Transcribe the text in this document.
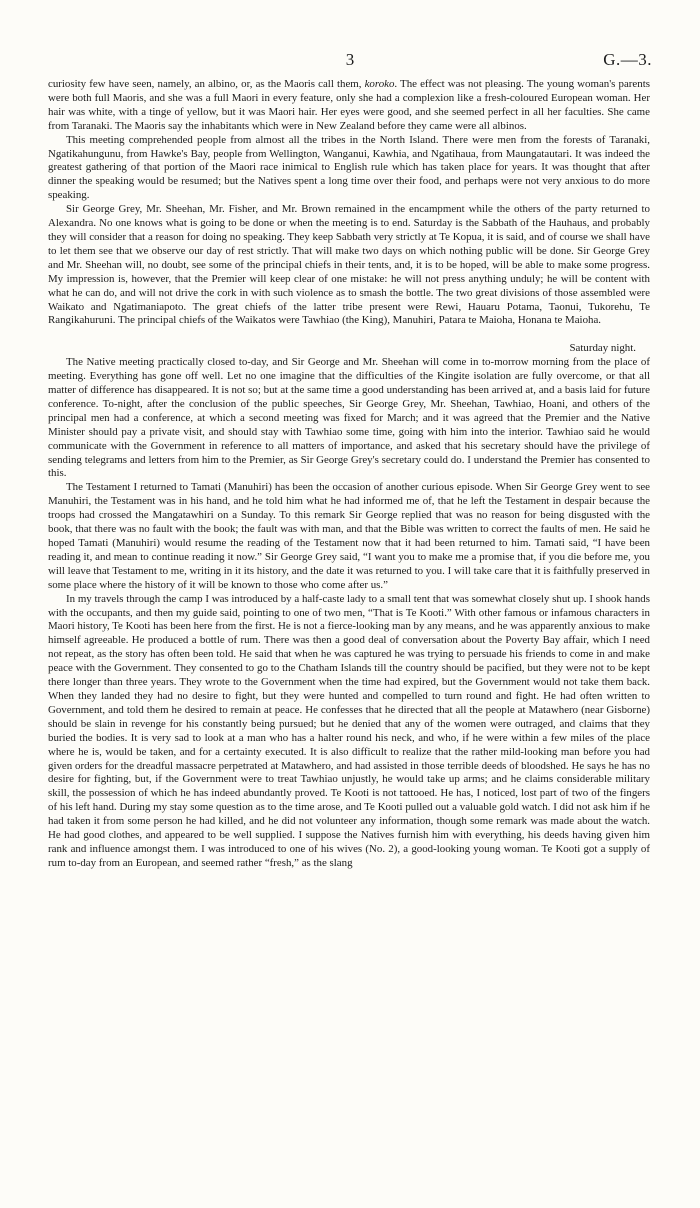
3	G.—3.

curiosity few have seen, namely, an albino, or, as the Maoris call them, koroko. The effect was not pleasing. The young woman's parents were both full Maoris, and she was a full Maori in every feature, only she had a complexion like a fresh-coloured European woman. Her hair was white, with a tinge of yellow, but it was Maori hair. Her eyes were good, and she seemed perfect in all her faculties. She came from Taranaki. The Maoris say the inhabitants which were in New Zealand before they came were all albinos.

This meeting comprehended people from almost all the tribes in the North Island. There were men from the forests of Taranaki, Ngatikahungunu, from Hawke's Bay, people from Wellington, Wanganui, Kawhia, and Ngatihaua, from Maungatautari. It was indeed the greatest gathering of that portion of the Maori race inimical to English rule which has taken place for years. It was thought that after dinner the speaking would be resumed; but the Natives spent a long time over their food, and perhaps were not very anxious to do more speaking.

Sir George Grey, Mr. Sheehan, Mr. Fisher, and Mr. Brown remained in the encampment while the others of the party returned to Alexandra. No one knows what is going to be done or when the meeting is to end. Saturday is the Sabbath of the Hauhaus, and probably they will consider that a reason for doing no speaking. They keep Sabbath very strictly at Te Kopua, it is said, and of course we shall have to let them see that we observe our day of rest strictly. That will make two days on which nothing public will be done. Sir George Grey and Mr. Sheehan will, no doubt, see some of the principal chiefs in their tents, and, it is to be hoped, will be able to make some progress. My impression is, however, that the Premier will keep clear of one mistake: he will not press anything unduly; he will be content with what he can do, and will not drive the cork in with such violence as to smash the bottle. The two great divisions of those assembled were Waikato and Ngatimaniapoto. The great chiefs of the latter tribe present were Rewi, Hauaru Potama, Taonui, Tukorehu, Te Rangikahuruni. The principal chiefs of the Waikatos were Tawhiao (the King), Manuhiri, Patara te Maioha, Honana te Maioha.

Saturday night.

The Native meeting practically closed to-day, and Sir George and Mr. Sheehan will come in to-morrow morning from the place of meeting. Everything has gone off well. Let no one imagine that the difficulties of the Kingite isolation are fully overcome, or that all matter of difference has disappeared. It is not so; but at the same time a good understanding has been arrived at, and a basis laid for future conference. To-night, after the conclusion of the public speeches, Sir George Grey, Mr. Sheehan, Tawhiao, Hoani, and others of the principal men had a conference, at which a second meeting was fixed for March; and it was agreed that the Premier and the Native Minister should pay a private visit, and should stay with Tawhiao some time, going with him into the interior. Tawhiao said he would communicate with the Government in reference to all matters of importance, and asked that his secretary should have the privilege of sending telegrams and letters from him to the Premier, as Sir George Grey's secretary could do. I understand the Premier has consented to this.

The Testament I returned to Tamati (Manuhiri) has been the occasion of another curious episode. When Sir George Grey went to see Manuhiri, the Testament was in his hand, and he told him what he had informed me of, that he left the Testament in despair because the troops had crossed the Mangatawhiri on a Sunday. To this remark Sir George replied that was no reason for being disgusted with the book, that there was no fault with the book; the fault was with man, and that the Bible was written to correct the faults of men. He said he hoped Tamati (Manuhiri) would resume the reading of the Testament now that it had been returned to him. Tamati said, “I have been reading it, and mean to continue reading it now.” Sir George Grey said, “I want you to make me a promise that, if you die before me, you will leave that Testament to me, writing in it its history, and the date it was returned to you. I will take care that it is faithfully preserved in some place where the history of it will be known to those who come after us.”

In my travels through the camp I was introduced by a half-caste lady to a small tent that was somewhat closely shut up. I shook hands with the occupants, and then my guide said, pointing to one of two men, “That is Te Kooti.” With other famous or infamous characters in Maori history, Te Kooti has been here from the first. He is not a fierce-looking man by any means, and he was apparently anxious to make himself agreeable. He produced a bottle of rum. There was then a good deal of conversation about the Poverty Bay affair, which I need not repeat, as the story has often been told. He said that when he was captured he was trying to persuade his friends to come in and make peace with the Government. They consented to go to the Chatham Islands till the country should be pacified, but they were not to be kept there longer than three years. They wrote to the Government when the time had expired, but the Government would not take them back. When they landed they had no desire to fight, but they were hunted and compelled to turn round and fight. He had often written to Government, and told them he desired to remain at peace. He confesses that he directed that all the people at Matawhero (near Gisborne) should be slain in revenge for his constantly being pursued; but he denied that any of the women were outraged, and claims that they buried the bodies. It is very sad to look at a man who has a halter round his neck, and who, if he were within a few miles of the place where he is, would be taken, and for a certainty executed. It is also difficult to realize that the rather mild-looking man before you had given orders for the dreadful massacre perpetrated at Matawhero, and had assisted in those terrible deeds of bloodshed. He says he has no desire for fighting, but, if the Government were to treat Tawhiao unjustly, he would take up arms; and he claims considerable military skill, the possession of which he has indeed abundantly proved. Te Kooti is not tattooed. He has, I noticed, lost part of two of the fingers of his left hand. During my stay some question as to the time arose, and Te Kooti pulled out a valuable gold watch. I did not ask him if he had taken it from some person he had killed, and he did not volunteer any information, though some remark was made about the watch. He had good clothes, and appeared to be well supplied. I suppose the Natives furnish him with everything, his deeds having given him rank and influence amongst them. I was introduced to one of his wives (No. 2), a good-looking young woman. Te Kooti got a supply of rum to-day from an European, and seemed rather “fresh,” as the slang
